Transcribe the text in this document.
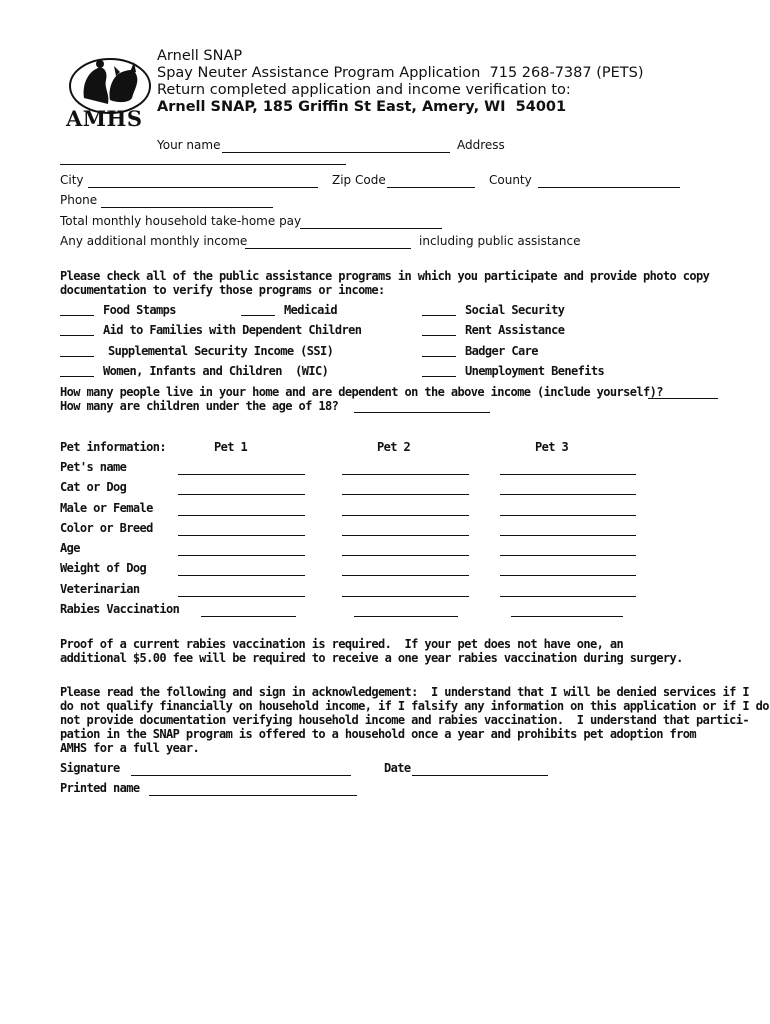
AMHS
Arnell SNAP
Spay Neuter Assistance Program Application  715 268-7387 (PETS)
Return completed application and income verification to:
Arnell SNAP, 185 Griffin St East, Amery, WI  54001
Your name	Address
City	Zip Code	County
Phone
Total monthly household take-home pay
Any additional monthly income	including public assistance
Please check all of the public assistance programs in which you participate and provide photo copy
documentation to verify those programs or income:
Food Stamps	Medicaid	Social Security
Aid to Families with Dependent Children	Rent Assistance
Supplemental Security Income (SSI)	Badger Care
Women, Infants and Children  (WIC)	Unemployment Benefits
How many people live in your home and are dependent on the above income (include yourself)?
How many are children under the age of 18?
Pet information:	Pet 1	Pet 2	Pet 3
Pet's name
Cat or Dog
Male or Female
Color or Breed
Age
Weight of Dog
Veterinarian
Rabies Vaccination
Proof of a current rabies vaccination is required.  If your pet does not have one, an
additional $5.00 fee will be required to receive a one year rabies vaccination during surgery.
Please read the following and sign in acknowledgement:  I understand that I will be denied services if I
do not qualify financially on household income, if I falsify any information on this application or if I do
not provide documentation verifying household income and rabies vaccination.  I understand that partici-
pation in the SNAP program is offered to a household once a year and prohibits pet adoption from
AMHS for a full year.
Signature	Date
Printed name
